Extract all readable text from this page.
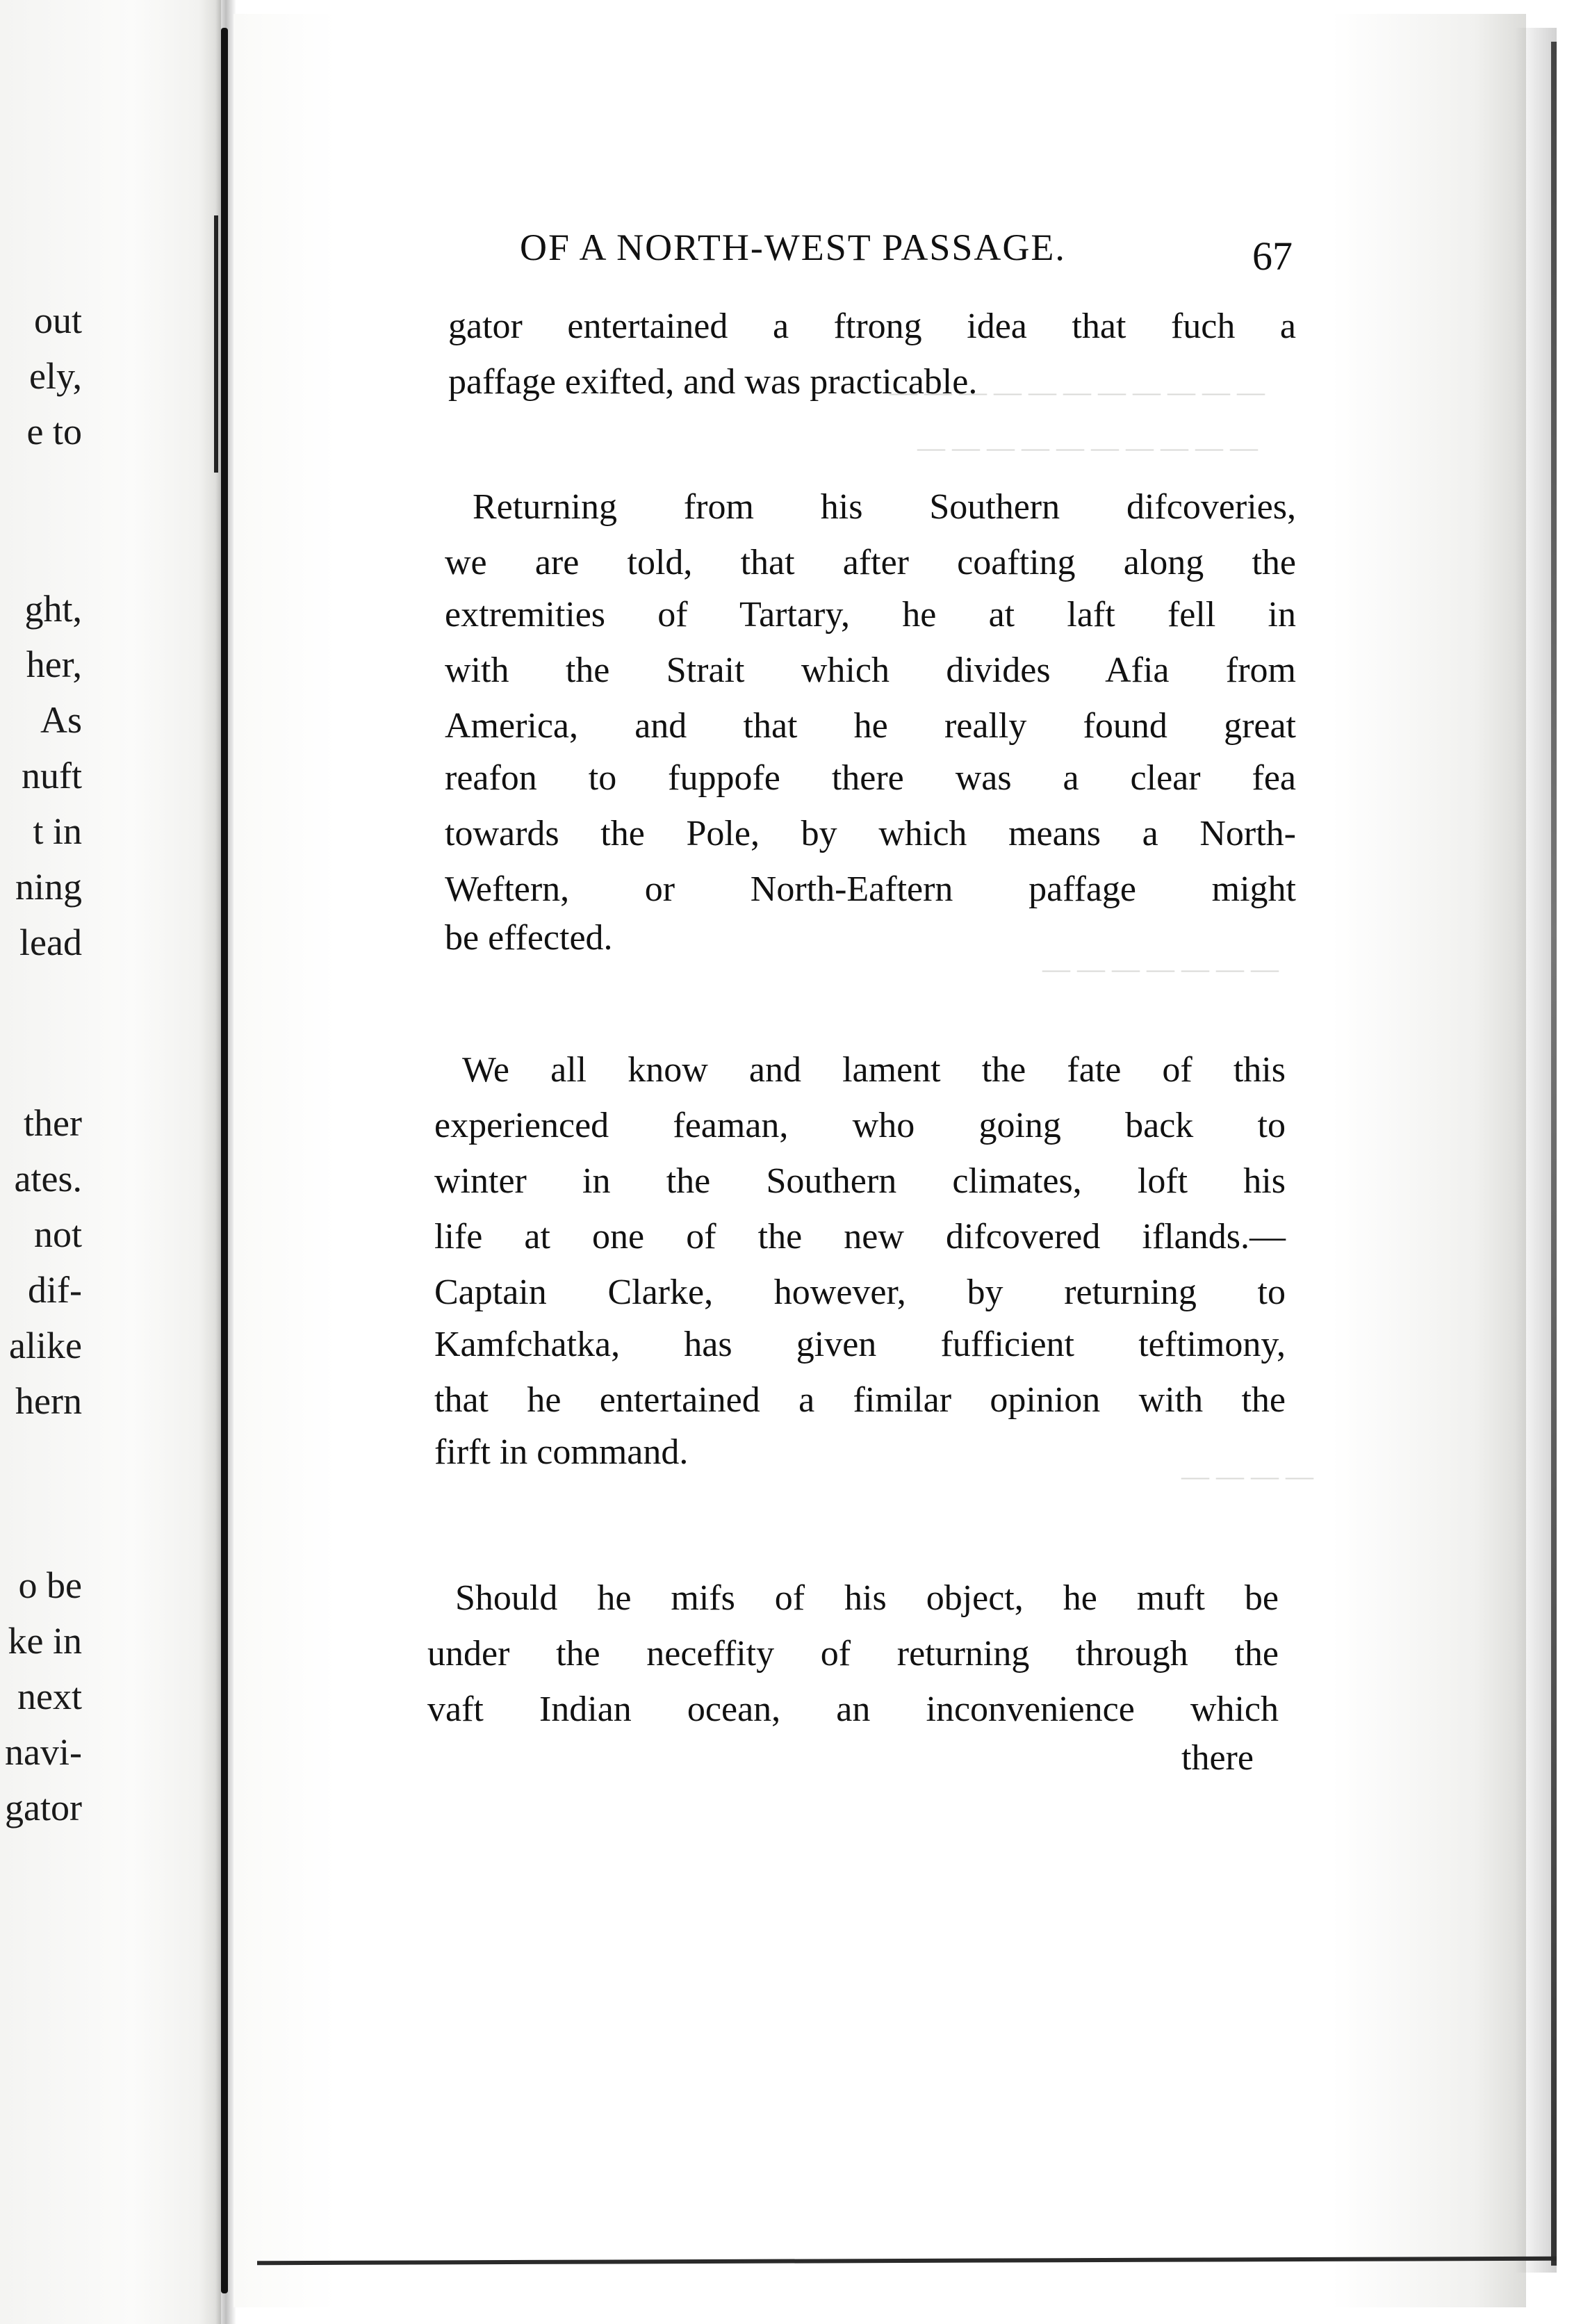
out
ely,
e to
ght,
her,
As
nuft
t in
ning
lead
ther
ates.
not
dif-
alike
hern
o be
ke in
next
navi-
gator
— — — — — — — — — — —
— — — — — — — — — —
— — — — — — —
— — — —
OF A NORTH-WEST PASSAGE.	67
gator entertained a ftrong idea that fuch a
paffage exifted, and was practicable.
Returning from his Southern difcoveries,
we are told, that after coafting along the
extremities of Tartary, he at laft fell in
with the Strait which divides Afia from
America, and that he really found great
reafon to fuppofe there was a clear fea
towards the Pole, by which means a North-
Weftern, or North-Eaftern paffage might
be effected.
We all know and lament the fate of this
experienced feaman, who going back to
winter in the Southern climates, loft his
life at one of the new difcovered iflands.—
Captain Clarke, however, by returning to
Kamfchatka, has given fufficient teftimony,
that he entertained a fimilar opinion with the
firft in command.
Should he mifs of his object, he muft be
under the neceffity of returning through the
vaft Indian ocean, an inconvenience which
there
